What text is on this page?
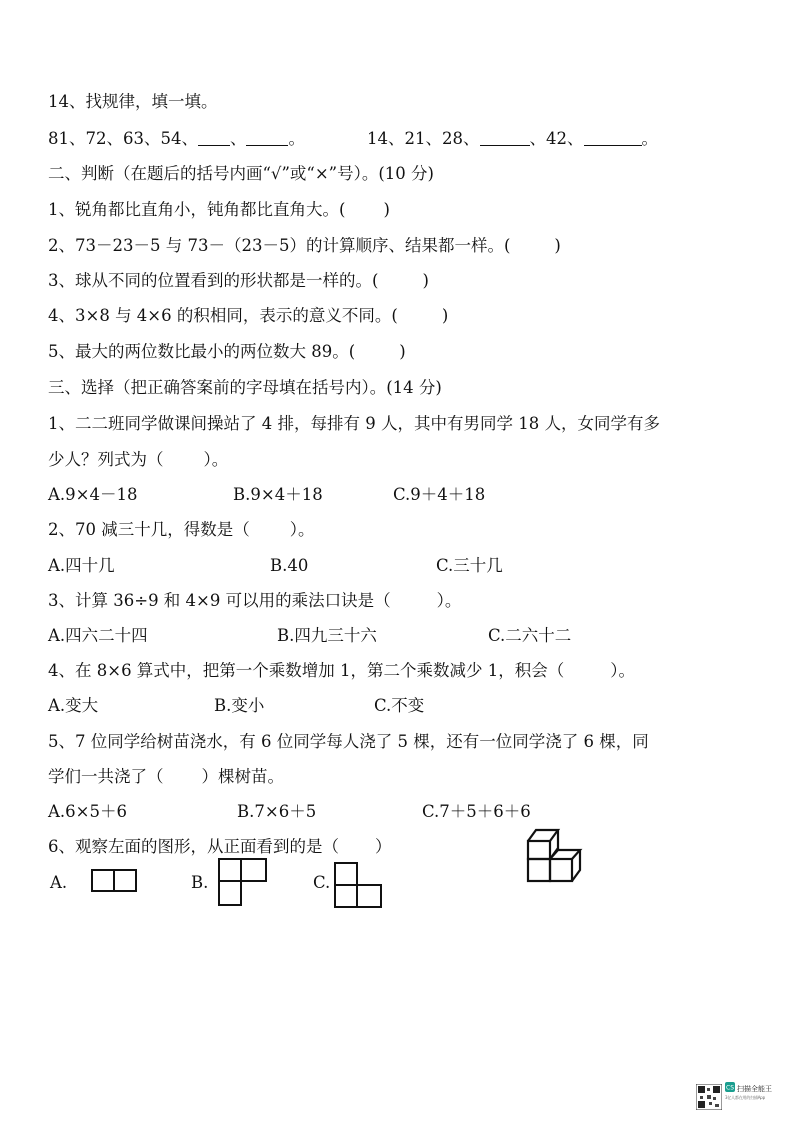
14、找规律，填一填。
81、72、63、54、 、	。	14、21、28、	、42、	。
二、判断（在题后的括号内画“√”或“×”号）。(10 分)
1、锐角都比直角小，钝角都比直角大。( )
2、73－23－5 与 73－（23－5）的计算顺序、结果都一样。(	)
3、球从不同的位置看到的形状都是一样的。(	)
4、3×8 与 4×6 的积相同，表示的意义不同。(	)
5、最大的两位数比最小的两位数大 89。(	)
三、选择（把正确答案前的字母填在括号内）。(14 分)
1、二二班同学做课间操站了 4 排，每排有 9 人，其中有男同学 18 人，女同学有多
少人？列式为（ ）。
A.9×4－18	B.9×4＋18	C.9＋4＋18
2、70 减三十几，得数是（ ）。
A.四十几	B.40	C.三十几
3、计算 36÷9 和 4×9 可以用的乘法口诀是（	）。
A.四六二十四	B.四九三十六	C.二六十二
4、在 8×6 算式中，把第一个乘数增加 1，第二个乘数减少 1，积会（	）。
A.变大	B.变小	C.不变
5、7 位同学给树苗浇水，有 6 位同学每人浇了 5 棵，还有一位同学浇了 6 棵，同
学们一共浇了（ ）棵树苗。
A.6×5＋6	B.7×6＋5	C.7＋5＋6＋6
6、观察左面的图形，从正面看到的是（ ）
A.	B.	C.
CS 扫描全能王
3亿人都在用的扫描App
